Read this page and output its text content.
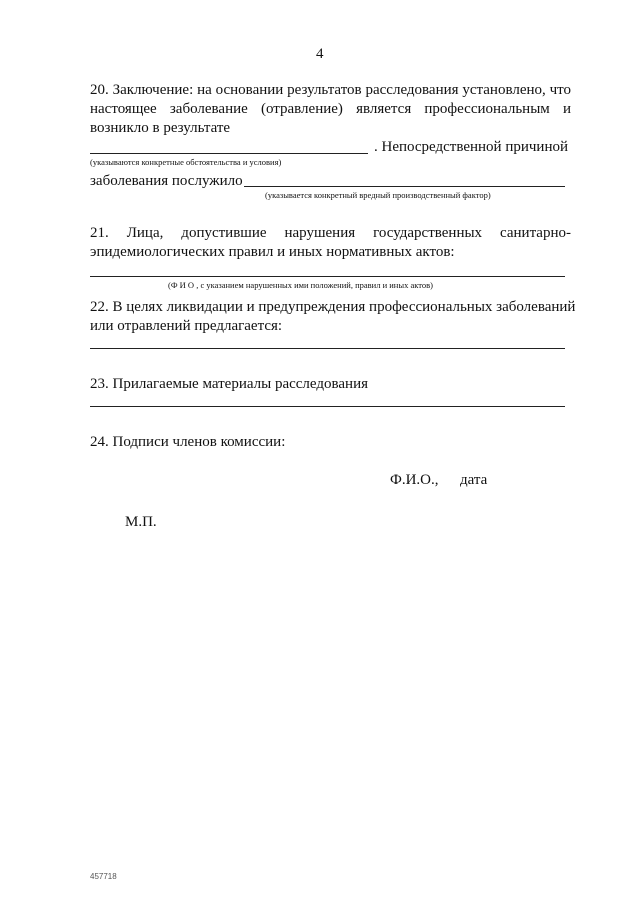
4
20. Заключение: на основании результатов расследования установлено, что
настоящее заболевание (отравление) является профессиональным и
возникло в результате
. Непосредственной причиной
(указываются конкретные обстоятельства и условия)
заболевания послужило
(указывается конкретный вредный производственный фактор)
21. Лица, допустившие нарушения государственных санитарно-
эпидемиологических правил и иных нормативных актов:
(Ф И О , с указанием нарушенных ими положений, правил и иных актов)
22. В целях ликвидации и предупреждения профессиональных заболеваний
или отравлений предлагается:
23. Прилагаемые материалы расследования
24. Подписи членов комиссии:
Ф.И.О., дата
М.П.
457718
